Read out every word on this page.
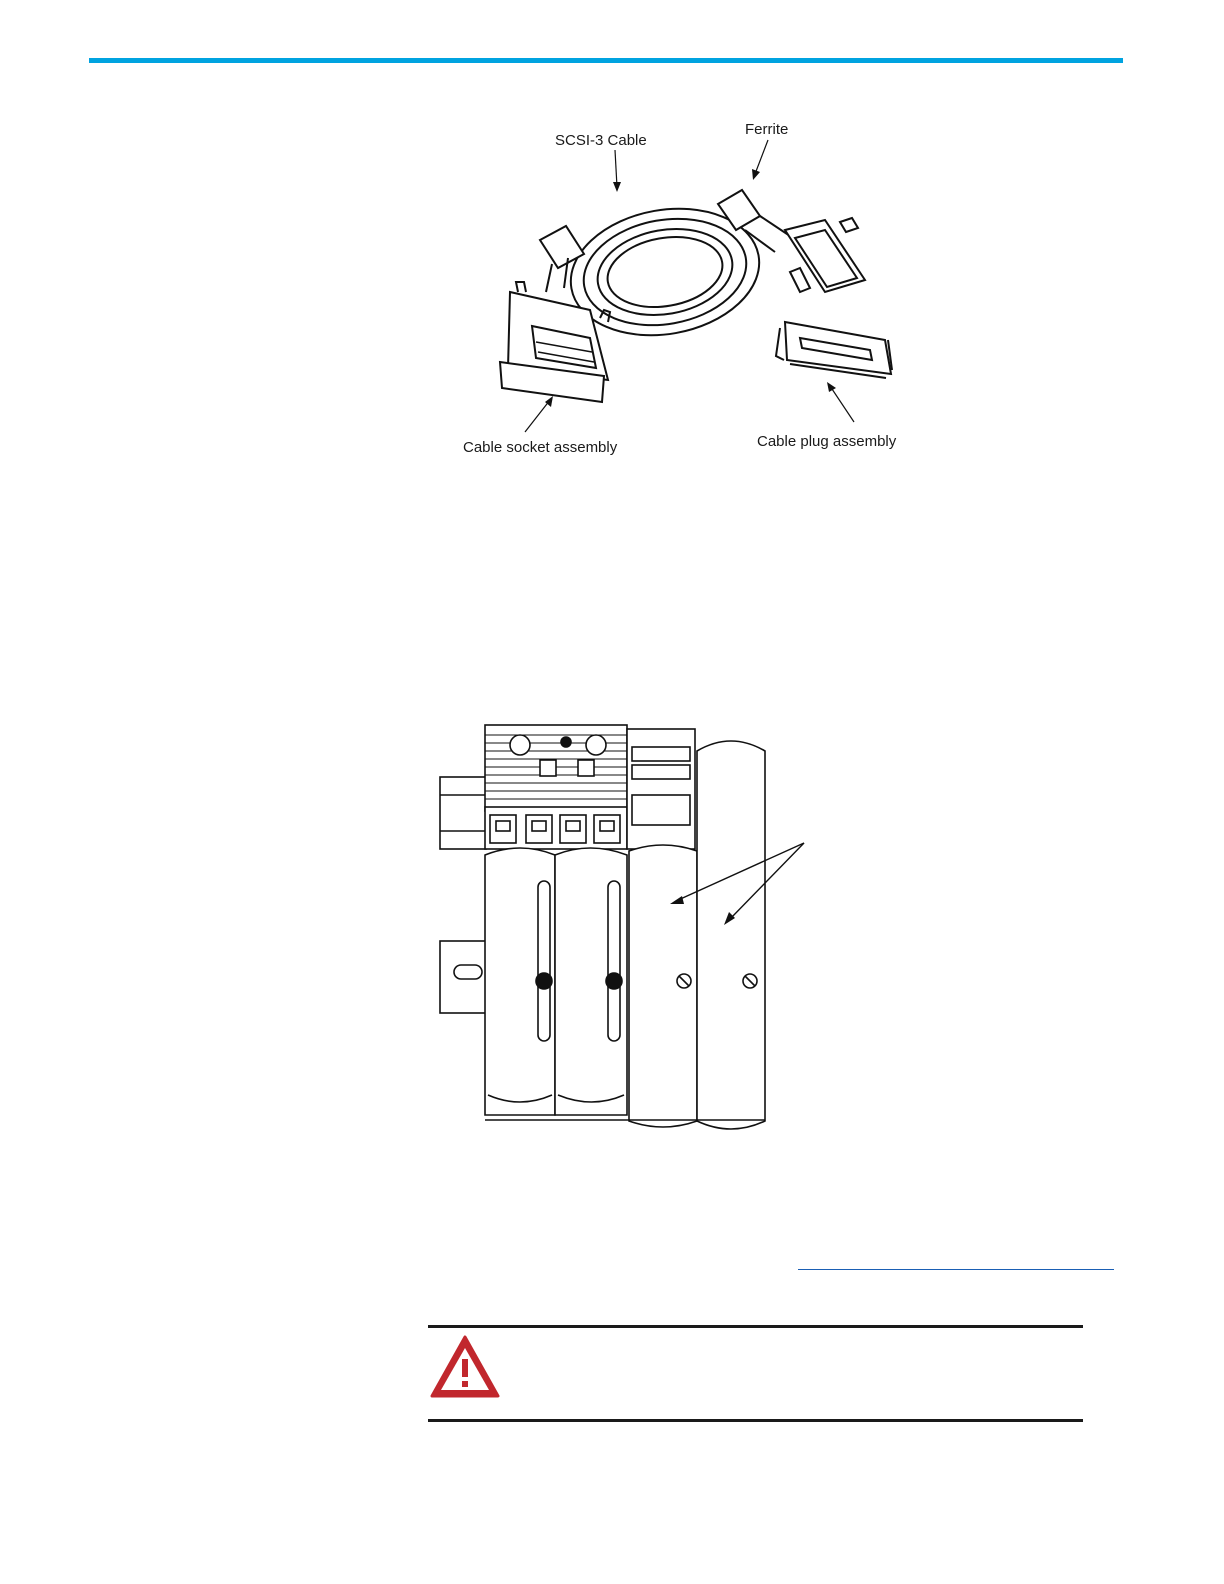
SCSI-3 Cable
Ferrite
Cable socket assembly	Cable plug assembly
